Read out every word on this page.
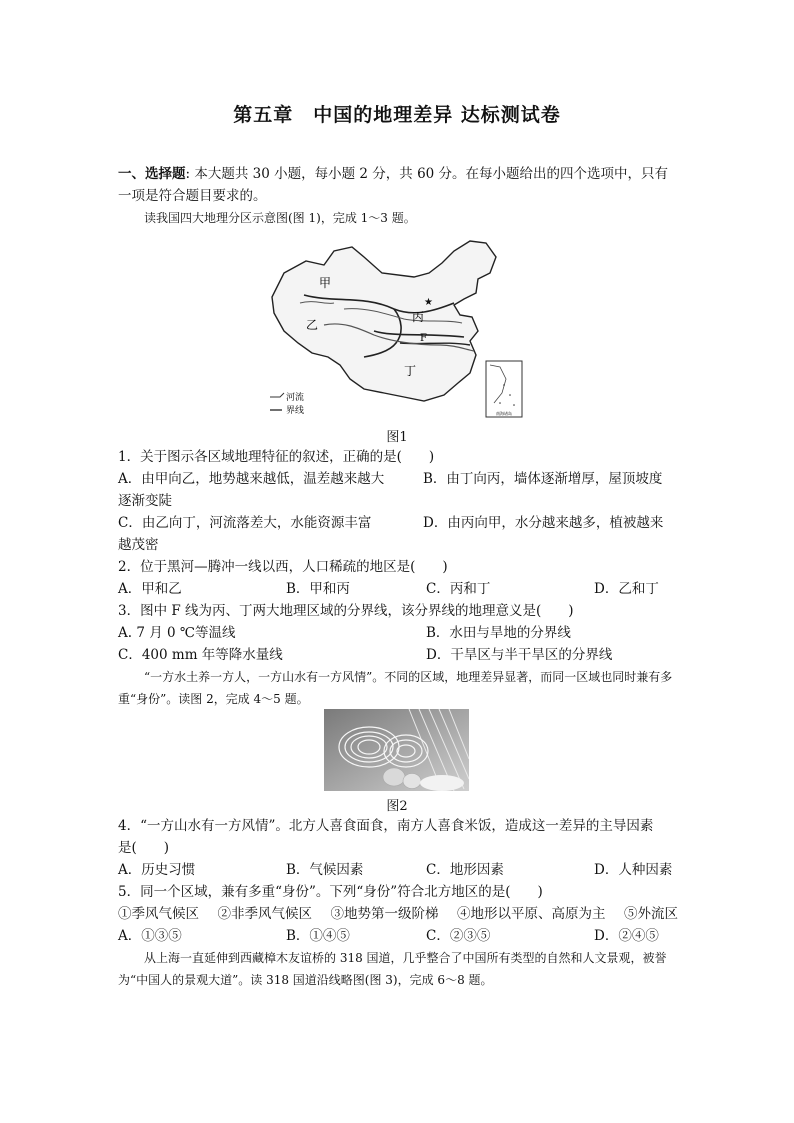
第五章　中国的地理差异 达标测试卷
一、选择题: 本大题共 30 小题，每小题 2 分，共 60 分。在每小题给出的四个选项中，只有一项是符合题目要求的。
读我国四大地理分区示意图(图 1)，完成 1～3 题。
★
甲
乙
丙
丁
F
河流
界线	南海诸岛
图1
1．关于图示各区域地理特征的叙述，正确的是(　　)
A．由甲向乙，地势越来越低，温差越来越大	B．由丁向丙，墙体逐渐增厚，屋顶坡度
逐渐变陡
C．由乙向丁，河流落差大，水能资源丰富	D．由丙向甲，水分越来越多，植被越来
越茂密
2．位于黑河—腾冲一线以西，人口稀疏的地区是(　　)
A．甲和乙	B．甲和丙	C．丙和丁	D．乙和丁
3．图中 F 线为丙、丁两大地理区域的分界线，该分界线的地理意义是(　　)
A. 7 月 0 ℃等温线	B．水田与旱地的分界线
C．400 mm 年等降水量线	D．干旱区与半干旱区的分界线
“一方水土养一方人，一方山水有一方风情”。不同的区域，地理差异显著，而同一区域也同时兼有多重“身份”。读图 2，完成 4～5 题。
图2
4．“一方山水有一方风情”。北方人喜食面食，南方人喜食米饭，造成这一差异的主导因素
是(　　)
A．历史习惯	B．气候因素	C．地形因素	D．人种因素
5．同一个区域，兼有多重“身份”。下列“身份”符合北方地区的是(　　)
①季风气候区 ②非季风气候区 ③地势第一级阶梯 ④地形以平原、高原为主 ⑤外流区
A．①③⑤	B．①④⑤	C．②③⑤	D．②④⑤
从上海一直延伸到西藏樟木友谊桥的 318 国道，几乎整合了中国所有类型的自然和人文景观，被誉为“中国人的景观大道”。读 318 国道沿线略图(图 3)，完成 6～8 题。
